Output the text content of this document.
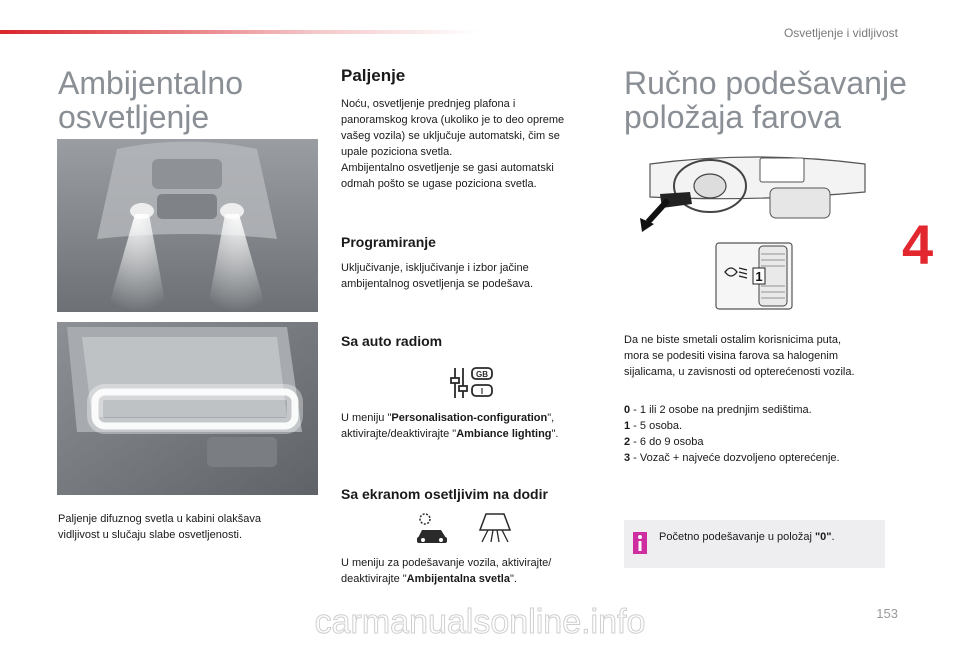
Osvetljenje i vidljivost
4
Ambijentalno
osvetljenje

Paljenje difuznog svetla u kabini olakšava
vidljivost u slučaju slabe osvetljenosti.

Paljenje

Noću, osvetljenje prednjeg plafona i
panoramskog krova (ukoliko je to deo opreme
vašeg vozila) se uključuje automatski, čim se
upale poziciona svetla.
Ambijentalno osvetljenje se gasi automatski
odmah pošto se ugase poziciona svetla.

Programiranje

Uključivanje, isključivanje i izbor jačine
ambijentalnog osvetljenja se podešava.

Sa auto radiom
GB
I

U meniju "Personalisation-configuration",
aktivirajte/deaktivirajte "Ambiance lighting".

Sa ekranom osetljivim na dodir

U meniju za podešavanje vozila, aktivirajte/
deaktivirajte "Ambijentalna svetla".

Ručno podešavanje
položaja farova
1

Da ne biste smetali ostalim korisnicima puta,
mora se podesiti visina farova sa halogenim
sijalicama, u zavisnosti od opterećenosti vozila.

0 - 1 ili 2 osobe na prednjim sedištima.
1 - 5 osoba.
2 - 6 do 9 osoba
3 - Vozač + najveće dozvoljeno opterećenje.

Početno podešavanje u položaj "0".

carmanualsonline.info	153
